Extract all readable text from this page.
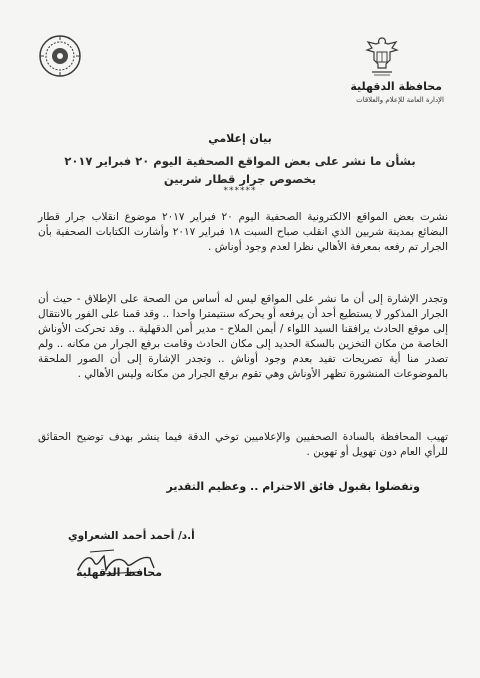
محافظة الدقهلية
الإدارة العامة للإعلام والعلاقات
بيان إعلامي
بشأن ما نشر على بعض المواقع الصحفية اليوم ٢٠ فبراير ٢٠١٧ بخصوص جرار قطار شربين
******
نشرت بعض المواقع الالكترونية الصحفية اليوم ٢٠ فبراير ٢٠١٧ موضوع انقلاب جرار قطار البضائع بمدينة شربين الذي انقلب صباح السبت ١٨ فبراير ٢٠١٧ وأشارت الكتابات الصحفية بأن الجرار تم رفعه بمعرفة الأهالي نظرا لعدم وجود أوناش .
وتجدر الإشارة إلى أن ما نشر على المواقع ليس له أساس من الصحة على الإطلاق - حيث أن الجرار المذكور لا يستطيع أحد أن يرفعه أو يحركه سنتيمترا واحدا .. وقد قمنا على الفور بالانتقال إلى موقع الحادث يرافقنا السيد اللواء / أيمن الملاح - مدير أمن الدقهلية .. وقد تحركت الأوناش الخاصة من مكان التخزين بالسكة الحديد إلى مكان الحادث وقامت برفع الجرار من مكانه .. ولم تصدر منا أية تصريحات تفيد بعدم وجود أوناش .. وتجدر الإشارة إلى أن الصور الملحقة بالموضوعات المنشورة تظهر الأوناش وهي تقوم برفع الجرار من مكانه وليس الأهالي .
تهيب المحافظة بالسادة الصحفيين والإعلاميين توخي الدقة فيما ينشر بهدف توضيح الحقائق للرأي العام دون تهويل أو تهوين .
وتفضلوا بقبول فائق الاحترام .. وعظيم التقدير
أ.د/ أحمد أحمد الشعراوي
محافظ الدقهلية
